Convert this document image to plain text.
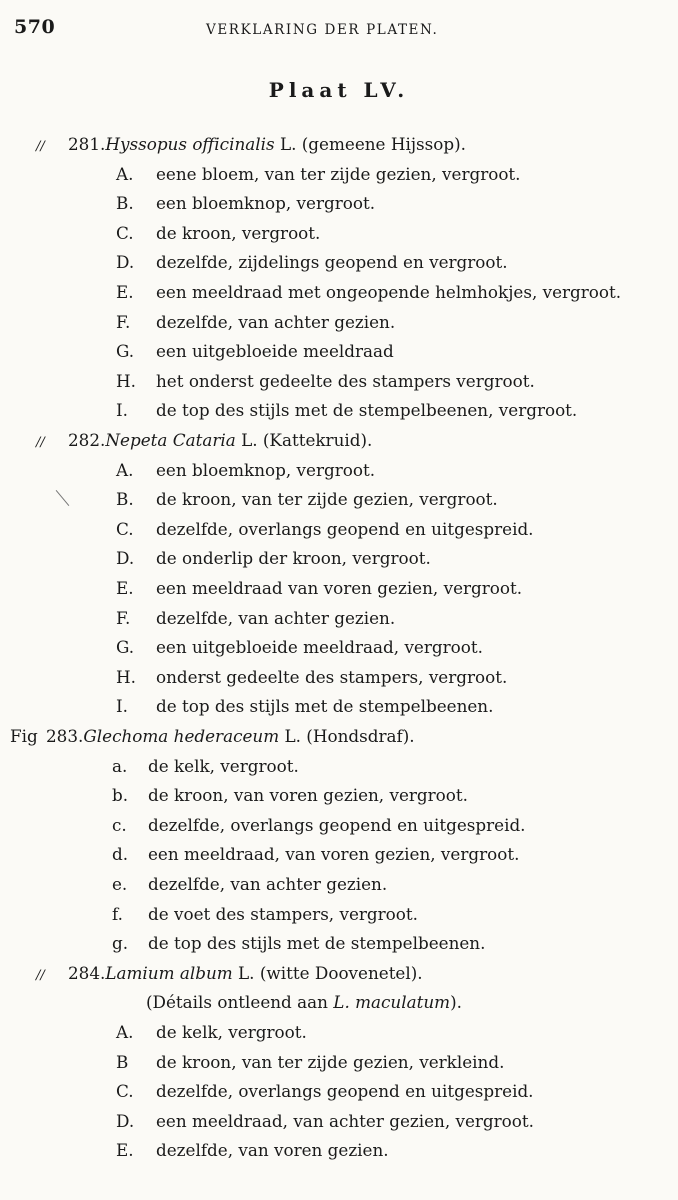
570	VERKLARING DER PLATEN.
Plaat LV.
// 281.Hyssopus officinalis L. (gemeene Hijssop).
A. eene bloem, van ter zijde gezien, vergroot.
B. een bloemknop, vergroot.
C. de kroon, vergroot.
D. dezelfde, zijdelings geopend en vergroot.
E. een meeldraad met ongeopende helmhokjes, vergroot.
F. dezelfde, van achter gezien.
G. een uitgebloeide meeldraad
H. het onderst gedeelte des stampers vergroot.
I. de top des stijls met de stempelbeenen, vergroot.
// 282.Nepeta Cataria L. (Kattekruid).
A. een bloemknop, vergroot.
B. de kroon, van ter zijde gezien, vergroot.
C. dezelfde, overlangs geopend en uitgespreid.
D. de onderlip der kroon, vergroot.
E. een meeldraad van voren gezien, vergroot.
F. dezelfde, van achter gezien.
G. een uitgebloeide meeldraad, vergroot.
H. onderst gedeelte des stampers, vergroot.
I. de top des stijls met de stempelbeenen.
Fig 283.Glechoma hederaceum L. (Hondsdraf).
a. de kelk, vergroot.
b. de kroon, van voren gezien, vergroot.
c. dezelfde, overlangs geopend en uitgespreid.
d. een meeldraad, van voren gezien, vergroot.
e. dezelfde, van achter gezien.
f. de voet des stampers, vergroot.
g. de top des stijls met de stempelbeenen.
// 284.Lamium album L. (witte Doovenetel).
(Détails ontleend aan L. maculatum).
A. de kelk, vergroot.
B de kroon, van ter zijde gezien, verkleind.
C. dezelfde, overlangs geopend en uitgespreid.
D. een meeldraad, van achter gezien, vergroot.
E. dezelfde, van voren gezien.
